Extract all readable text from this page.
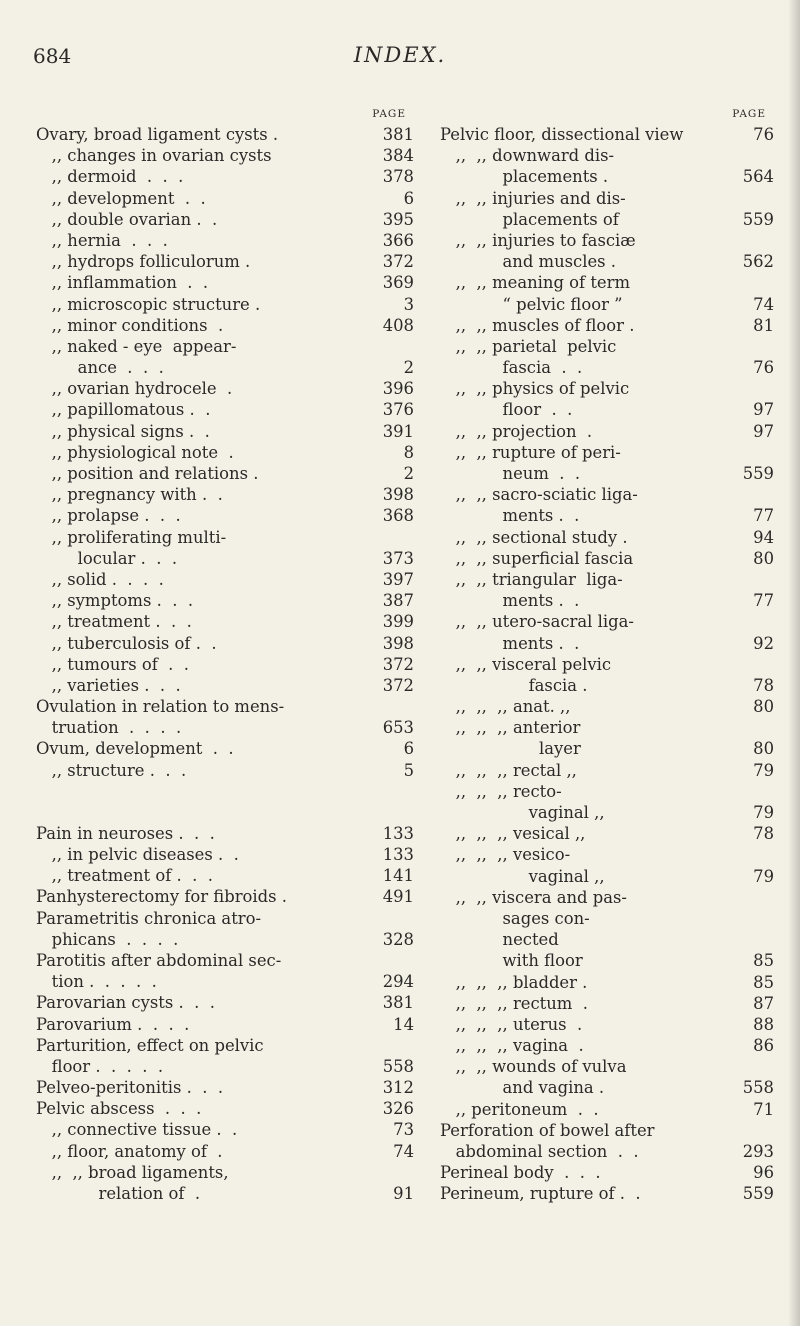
684	INDEX.
PAGE
Ovary, broad ligament cysts .	381
,, changes in ovarian cysts	384
,, dermoid  .  .  .	378
,, development  .  .	6
,, double ovarian .  .	395
,, hernia  .  .  .	366
,, hydrops folliculorum .	372
,, inflammation  .  .	369
,, microscopic structure .	3
,, minor conditions  .	408
,, naked - eye  appear-
ance  .  .  .	2
,, ovarian hydrocele  .	396
,, papillomatous .  .	376
,, physical signs .  .	391
,, physiological note  .	8
,, position and relations .	2
,, pregnancy with .  .	398
,, prolapse .  .  .	368
,, proliferating multi-
locular .  .  .	373
,, solid .  .  .  .	397
,, symptoms .  .  .	387
,, treatment .  .  .	399
,, tuberculosis of .  .	398
,, tumours of  .  .	372
,, varieties .  .  .	372
Ovulation in relation to mens-
truation  .  .  .  .	653
Ovum, development  .  .	6
,, structure .  .  .	5
Pain in neuroses .  .  .	133
,, in pelvic diseases .  .	133
,, treatment of .  .  .	141
Panhysterectomy for fibroids .	491
Parametritis chronica atro-
phicans  .  .  .  .	328
Parotitis after abdominal sec-
tion .  .  .  .  .	294
Parovarian cysts .  .  .	381
Parovarium .  .  .  .	14
Parturition, effect on pelvic
floor .  .  .  .  .	558
Pelveo-peritonitis .  .  .	312
Pelvic abscess  .  .  .	326
,, connective tissue .  .	73
,, floor, anatomy of  .	74
,,  ,, broad ligaments,
relation of  .	91
PAGE
Pelvic floor, dissectional view	76
,,  ,, downward dis-
placements .	564
,,  ,, injuries and dis-
placements of	559
,,  ,, injuries to fasciæ
and muscles .	562
,,  ,, meaning of term
“ pelvic floor ”	74
,,  ,, muscles of floor .	81
,,  ,, parietal  pelvic
fascia  .  .	76
,,  ,, physics of pelvic
floor  .  .	97
,,  ,, projection  .	97
,,  ,, rupture of peri-
neum  .  .	559
,,  ,, sacro-sciatic liga-
ments .  .	77
,,  ,, sectional study .	94
,,  ,, superficial fascia	80
,,  ,, triangular  liga-
ments .  .	77
,,  ,, utero-sacral liga-
ments .  .	92
,,  ,, visceral pelvic
fascia .	78
,,  ,,  ,, anat. ,,	80
,,  ,,  ,, anterior
layer	80
,,  ,,  ,, rectal ,,	79
,,  ,,  ,, recto-
vaginal ,,	79
,,  ,,  ,, vesical ,,	78
,,  ,,  ,, vesico-
vaginal ,,	79
,,  ,, viscera and pas-
sages con-
nected
with floor	85
,,  ,,  ,, bladder .	85
,,  ,,  ,, rectum  .	87
,,  ,,  ,, uterus  .	88
,,  ,,  ,, vagina  .	86
,,  ,, wounds of vulva
and vagina .	558
,, peritoneum  .  .	71
Perforation of bowel after
abdominal section  .  .	293
Perineal body  .  .  .	96
Perineum, rupture of .  .	559
